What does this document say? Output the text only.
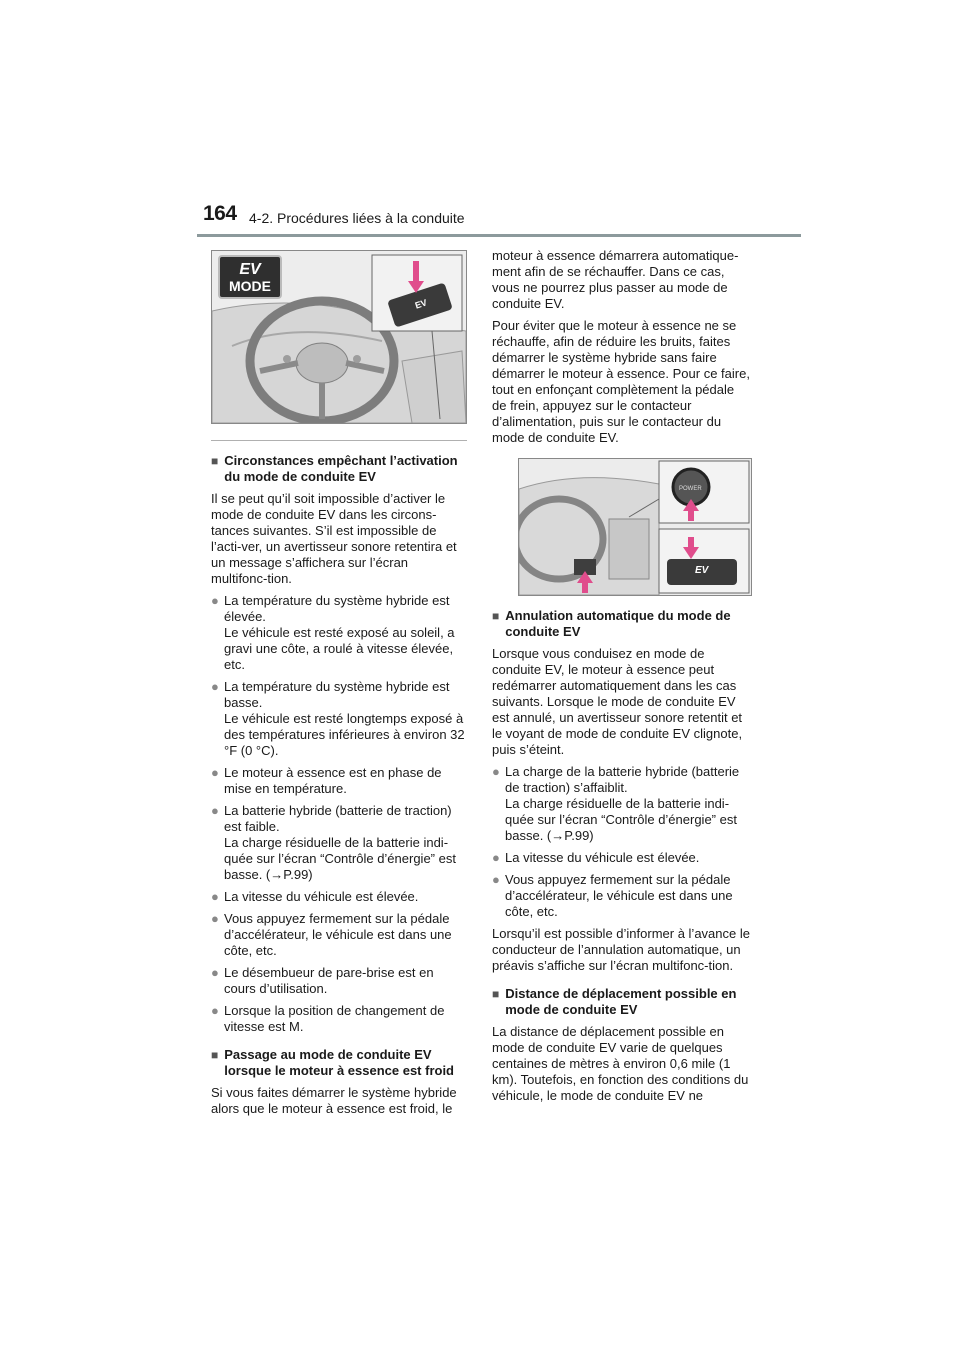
164 4-2. Procédures liées à la conduite
EV
MODE
EV
■ Circonstances empêchant l’activation du mode de conduite EV

Il se peut qu’il soit impossible d’activer le mode de conduite EV dans les circons-tances suivantes. S’il est impossible de l’acti-ver, un avertisseur sonore retentira et un message s’affichera sur l’écran multifonc-tion.

● La température du système hybride est élevée.
Le véhicule est resté exposé au soleil, a gravi une côte, a roulé à vitesse élevée, etc.
● La température du système hybride est basse.
Le véhicule est resté longtemps exposé à des températures inférieures à environ 32 °F (0 °C).
● Le moteur à essence est en phase de mise en température.
● La batterie hybride (batterie de traction) est faible.
La charge résiduelle de la batterie indi-quée sur l’écran “Contrôle d’énergie” est basse. (→P.99)
● La vitesse du véhicule est élevée.
● Vous appuyez fermement sur la pédale d’accélérateur, le véhicule est dans une côte, etc.
● Le désembueur de pare-brise est en cours d’utilisation.
● Lorsque la position de changement de vitesse est M.
■ Passage au mode de conduite EV lorsque le moteur à essence est froid

Si vous faites démarrer le système hybride alors que le moteur à essence est froid, le

moteur à essence démarrera automatique-ment afin de se réchauffer. Dans ce cas, vous ne pourrez plus passer au mode de conduite EV.

Pour éviter que le moteur à essence ne se réchauffe, afin de réduire les bruits, faites démarrer le système hybride sans faire démarrer le moteur à essence. Pour ce faire, tout en enfonçant complètement la pédale de frein, appuyez sur le contacteur d’alimentation, puis sur le contacteur du mode de conduite EV.

POWER
EV
■ Annulation automatique du mode de conduite EV

Lorsque vous conduisez en mode de conduite EV, le moteur à essence peut redémarrer automatiquement dans les cas suivants. Lorsque le mode de conduite EV est annulé, un avertisseur sonore retentit et le voyant de mode de conduite EV clignote, puis s’éteint.

● La charge de la batterie hybride (batterie de traction) s’affaiblit.
La charge résiduelle de la batterie indi-quée sur l’écran “Contrôle d’énergie” est basse. (→P.99)
● La vitesse du véhicule est élevée.
● Vous appuyez fermement sur la pédale d’accélérateur, le véhicule est dans une côte, etc.

Lorsqu’il est possible d’informer à l’avance le conducteur de l’annulation automatique, un préavis s’affiche sur l’écran multifonc-tion.

■ Distance de déplacement possible en mode de conduite EV

La distance de déplacement possible en mode de conduite EV varie de quelques centaines de mètres à environ 0,6 mile (1 km). Toutefois, en fonction des conditions du véhicule, le mode de conduite EV ne
